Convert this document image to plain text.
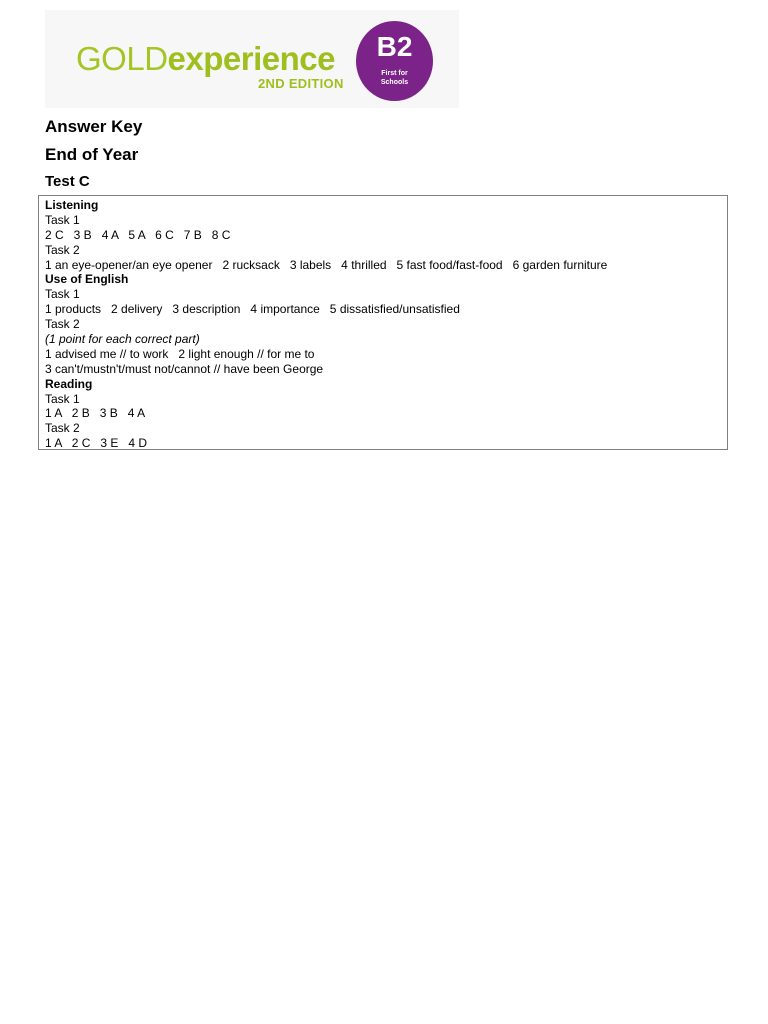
GOLDexperience
2ND EDITION
B2
First for
Schools
Answer Key
End of Year
Test C
Listening
Task 1
2 C   3 B   4 A   5 A   6 C   7 B   8 C
Task 2
1 an eye-opener/an eye opener   2 rucksack   3 labels   4 thrilled   5 fast food/fast-food   6 garden furniture
Use of English
Task 1
1 products   2 delivery   3 description   4 importance   5 dissatisfied/unsatisfied
Task 2
(1 point for each correct part)
1 advised me // to work   2 light enough // for me to
3 can't/mustn't/must not/cannot // have been George
Reading
Task 1
1 A   2 B   3 B   4 A
Task 2
1 A   2 C   3 E   4 D
